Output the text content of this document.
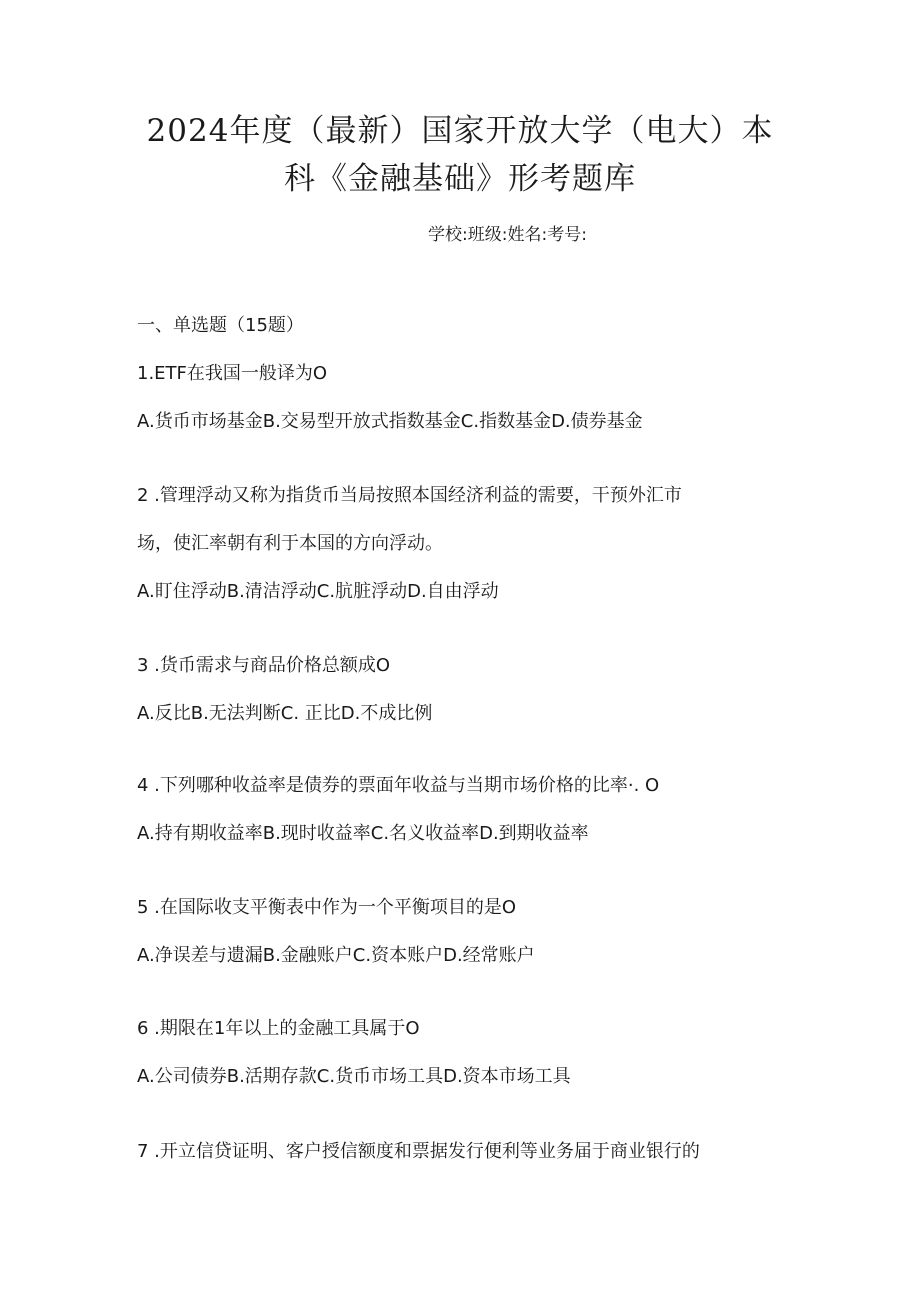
2024年度（最新）国家开放大学（电大）本
科《金融基础》形考题库
学校:班级:姓名:考号:
一、单选题（15题）
1.ETF在我国一般译为O
A.货币市场基金B.交易型开放式指数基金C.指数基金D.债券基金
2 .管理浮动又称为指货币当局按照本国经济利益的需要，干预外汇市
场，使汇率朝有利于本国的方向浮动。
A.盯住浮动B.清洁浮动C.肮脏浮动D.自由浮动
3 .货币需求与商品价格总额成O
A.反比B.无法判断C. 正比D.不成比例
4 .下列哪种收益率是债券的票面年收益与当期市场价格的比率·. O
A.持有期收益率B.现时收益率C.名义收益率D.到期收益率
5 .在国际收支平衡表中作为一个平衡项目的是O
A.净误差与遗漏B.金融账户C.资本账户D.经常账户
6 .期限在1年以上的金融工具属于O
A.公司债券B.活期存款C.货币市场工具D.资本市场工具
7 .开立信贷证明、客户授信额度和票据发行便利等业务届于商业银行的
